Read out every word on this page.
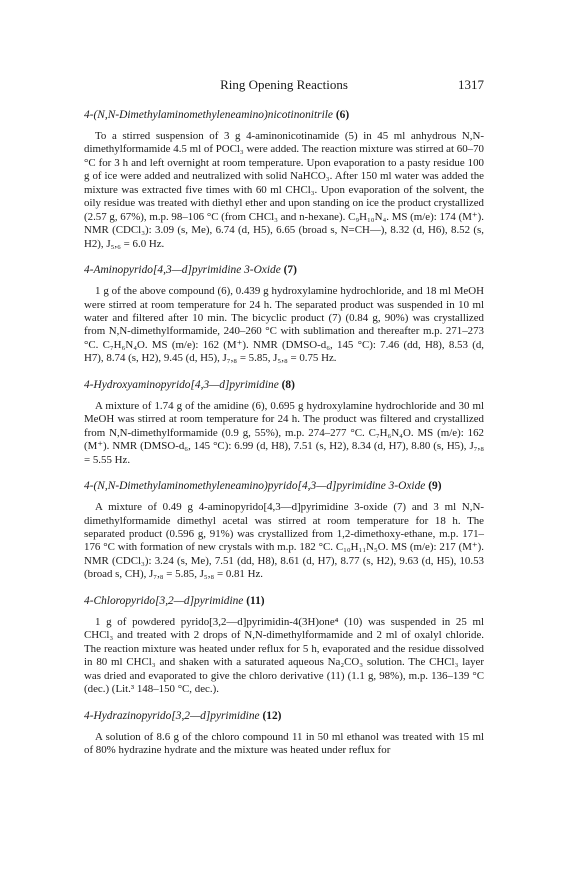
Ring Opening Reactions	1317

4-(N,N-Dimethylaminomethyleneamino)nicotinonitrile (6)

To a stirred suspension of 3 g 4-aminonicotinamide (5) in 45 ml anhydrous N,N-dimethylformamide 4.5 ml of POCl₃ were added. The reaction mixture was stirred at 60–70 °C for 3 h and left overnight at room temperature. Upon evaporation to a pasty residue 100 g of ice were added and neutralized with solid NaHCO₃. After 150 ml water was added the mixture was extracted five times with 60 ml CHCl₃. Upon evaporation of the solvent, the oily residue was treated with diethyl ether and upon standing on ice the product crystallized (2.57 g, 67%), m.p. 98–106 °C (from CHCl₃ and n-hexane). C₉H₁₀N₄. MS (m/e): 174 (M⁺). NMR (CDCl₃): 3.09 (s, Me), 6.74 (d, H5), 6.65 (broad s, N=CH—), 8.32 (d, H6), 8.52 (s, H2), J₅,₆ = 6.0 Hz.

4-Aminopyrido[4,3—d]pyrimidine 3-Oxide (7)

1 g of the above compound (6), 0.439 g hydroxylamine hydrochloride, and 18 ml MeOH were stirred at room temperature for 24 h. The separated product was suspended in 10 ml water and filtered after 10 min. The bicyclic product (7) (0.84 g, 90%) was crystallized from N,N-dimethylformamide, 240–260 °C with sublimation and thereafter m.p. 271–273 °C. C₇H₆N₄O. MS (m/e): 162 (M⁺). NMR (DMSO-d₆, 145 °C): 7.46 (dd, H8), 8.53 (d, H7), 8.74 (s, H2), 9.45 (d, H5), J₇,₈ = 5.85, J₅,₈ = 0.75 Hz.

4-Hydroxyaminopyrido[4,3—d]pyrimidine (8)

A mixture of 1.74 g of the amidine (6), 0.695 g hydroxylamine hydrochloride and 30 ml MeOH was stirred at room temperature for 24 h. The product was filtered and crystallized from N,N-dimethylformamide (0.9 g, 55%), m.p. 274–277 °C. C₇H₆N₄O. MS (m/e): 162 (M⁺). NMR (DMSO-d₆, 145 °C): 6.99 (d, H8), 7.51 (s, H2), 8.34 (d, H7), 8.80 (s, H5), J₇,₈ = 5.55 Hz.

4-(N,N-Dimethylaminomethyleneamino)pyrido[4,3—d]pyrimidine 3-Oxide (9)

A mixture of 0.49 g 4-aminopyrido[4,3—d]pyrimidine 3-oxide (7) and 3 ml N,N-dimethylformamide dimethyl acetal was stirred at room temperature for 18 h. The separated product (0.596 g, 91%) was crystallized from 1,2-dimethoxy-ethane, m.p. 171–176 °C with formation of new crystals with m.p. 182 °C. C₁₀H₁₁N₅O. MS (m/e): 217 (M⁺). NMR (CDCl₃): 3.24 (s, Me), 7.51 (dd, H8), 8.61 (d, H7), 8.77 (s, H2), 9.63 (d, H5), 10.53 (broad s, CH), J₇,₈ = 5.85, J₅,₈ = 0.81 Hz.

4-Chloropyrido[3,2—d]pyrimidine (11)

1 g of powdered pyrido[3,2—d]pyrimidin-4(3H)one⁴ (10) was suspended in 25 ml CHCl₃ and treated with 2 drops of N,N-dimethylformamide and 2 ml of oxalyl chloride. The reaction mixture was heated under reflux for 5 h, evaporated and the residue dissolved in 80 ml CHCl₃ and shaken with a saturated aqueous Na₂CO₃ solution. The CHCl₃ layer was dried and evaporated to give the chloro derivative (11) (1.1 g, 98%), m.p. 136–139 °C (dec.) (Lit.³ 148–150 °C, dec.).

4-Hydrazinopyrido[3,2—d]pyrimidine (12)

A solution of 8.6 g of the chloro compound 11 in 50 ml ethanol was treated with 15 ml of 80% hydrazine hydrate and the mixture was heated under reflux for
